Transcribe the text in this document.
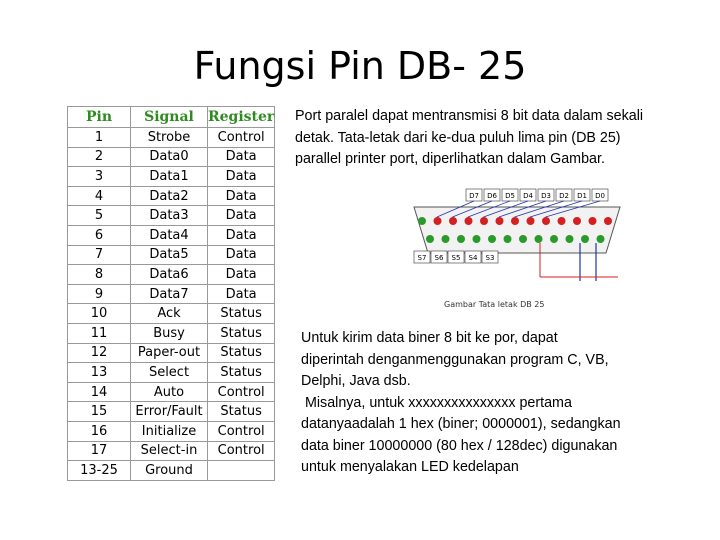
Fungsi Pin DB- 25
Pin	Signal	Register
1	Strobe	Control
2	Data0	Data
3	Data1	Data
4	Data2	Data
5	Data3	Data
6	Data4	Data
7	Data5	Data
8	Data6	Data
9	Data7	Data
10	Ack	Status
11	Busy	Status
12	Paper-out	Status
13	Select	Status
14	Auto	Control
15	Error/Fault	Status
16	Initialize	Control
17	Select-in	Control
13-25	Ground	
Port paralel dapat mentransmisi 8 bit data dalam sekali detak. Tata-letak dari ke-dua puluh lima pin (DB 25) parallel printer port, diperlihatkan dalam Gambar.
D7 D6 D5 D4 D3 D2 D1 D0
S7 S6 S5 S4 S3
Gambar Tata letak DB 25
Untuk kirim data biner 8 bit ke por, dapat
diperintah denganmenggunakan program C, VB,
Delphi, Java dsb.
Misalnya, untuk xxxxxxxxxxxxxxx pertama
datanyaadalah 1 hex (biner; 0000001), sedangkan
data biner 10000000 (80 hex / 128dec) digunakan
untuk menyalakan LED kedelapan
